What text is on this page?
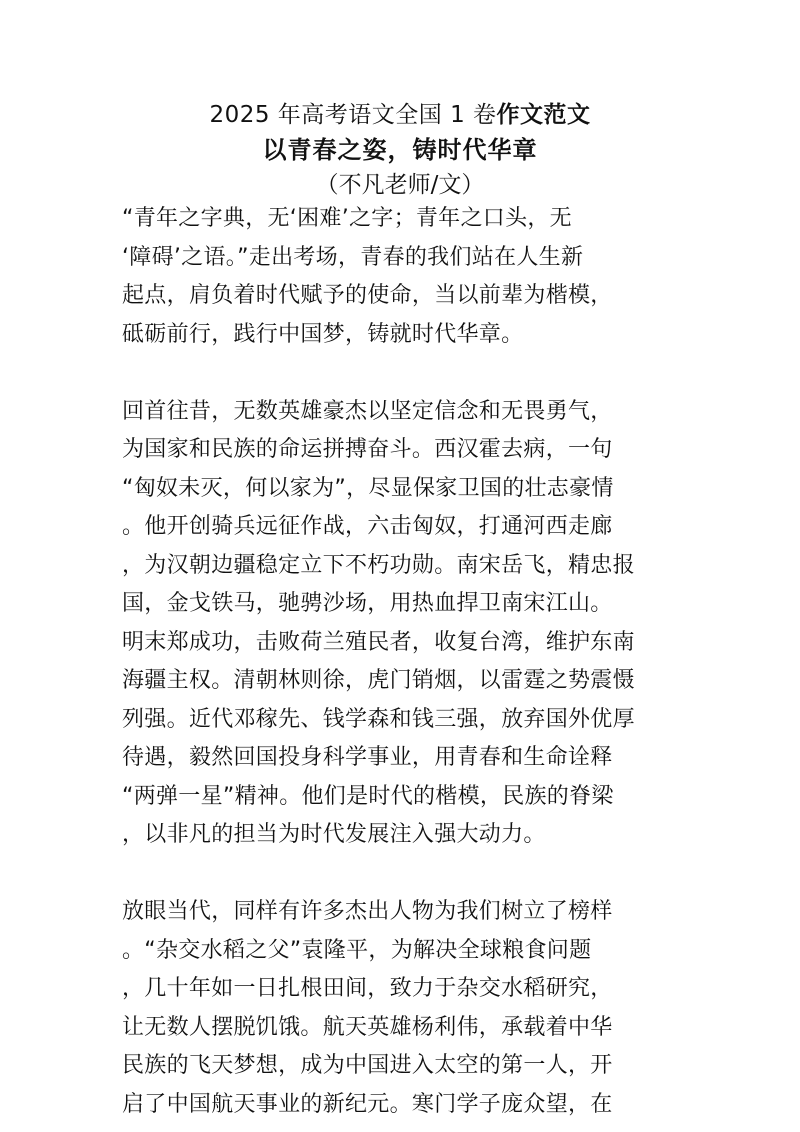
2025 年高考语文全国 1 卷作文范文
以青春之姿，铸时代华章
（不凡老师/文）
“青年之字典，无‘困难’之字；青年之口头，无
‘障碍’之语。”走出考场，青春的我们站在人生新
起点，肩负着时代赋予的使命，当以前辈为楷模，
砥砺前行，践行中国梦，铸就时代华章。
回首往昔，无数英雄豪杰以坚定信念和无畏勇气，
为国家和民族的命运拼搏奋斗。西汉霍去病，一句
“匈奴未灭，何以家为”，尽显保家卫国的壮志豪情
。他开创骑兵远征作战，六击匈奴，打通河西走廊
，为汉朝边疆稳定立下不朽功勋。南宋岳飞，精忠报
国，金戈铁马，驰骋沙场，用热血捍卫南宋江山。
明末郑成功，击败荷兰殖民者，收复台湾，维护东南
海疆主权。清朝林则徐，虎门销烟，以雷霆之势震慑
列强。近代邓稼先、钱学森和钱三强，放弃国外优厚
待遇，毅然回国投身科学事业，用青春和生命诠释
“两弹一星”精神。他们是时代的楷模，民族的脊梁
，以非凡的担当为时代发展注入强大动力。
放眼当代，同样有许多杰出人物为我们树立了榜样
。“杂交水稻之父”袁隆平，为解决全球粮食问题
，几十年如一日扎根田间，致力于杂交水稻研究，
让无数人摆脱饥饿。航天英雄杨利伟，承载着中华
民族的飞天梦想，成为中国进入太空的第一人，开
启了中国航天事业的新纪元。寒门学子庞众望，在
